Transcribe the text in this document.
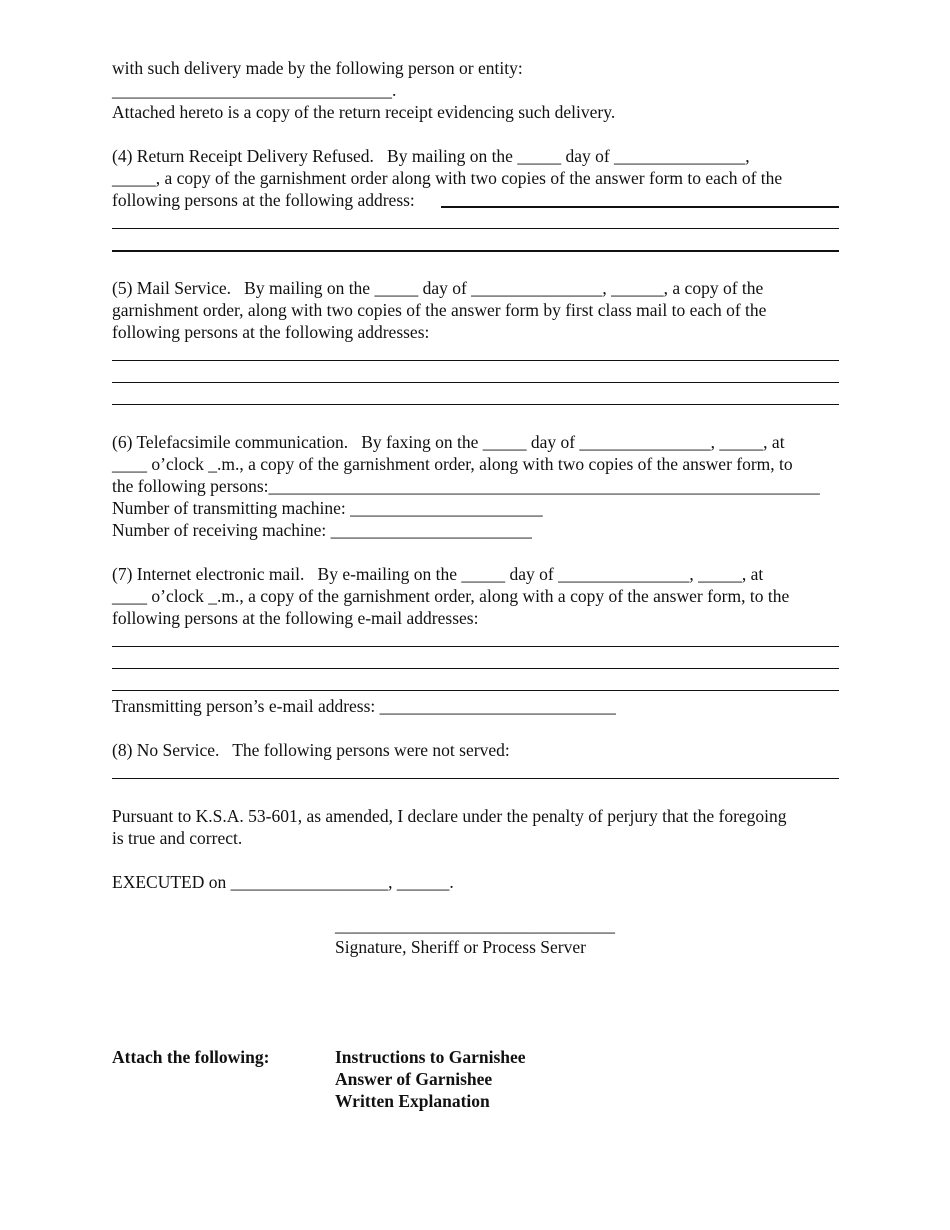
with such delivery made by the following person or entity:
________________________________.
Attached hereto is a copy of the return receipt evidencing such delivery.
(4) Return Receipt Delivery Refused.   By mailing on the _____ day of _______________,
_____, a copy of the garnishment order along with two copies of the answer form to each of the
following persons at the following address:
(5) Mail Service.   By mailing on the _____ day of _______________, ______, a copy of the
garnishment order, along with two copies of the answer form by first class mail to each of the
following persons at the following addresses:
(6) Telefacsimile communication.   By faxing on the _____ day of _______________, _____, at
____ o’clock _.m., a copy of the garnishment order, along with two copies of the answer form, to
the following persons:_______________________________________________________________
Number of transmitting machine: ______________________
Number of receiving machine: _______________________
(7) Internet electronic mail.   By e-mailing on the _____ day of _______________, _____, at
____ o’clock _.m., a copy of the garnishment order, along with a copy of the answer form, to the
following persons at the following e-mail addresses:
Transmitting person’s e-mail address: ___________________________
(8) No Service.   The following persons were not served:
Pursuant to K.S.A. 53-601, as amended, I declare under the penalty of perjury that the foregoing
is true and correct.
EXECUTED on __________________, ______.
________________________________
Signature, Sheriff or Process Server
Attach the following:	Instructions to Garnishee
Answer of Garnishee
Written Explanation
